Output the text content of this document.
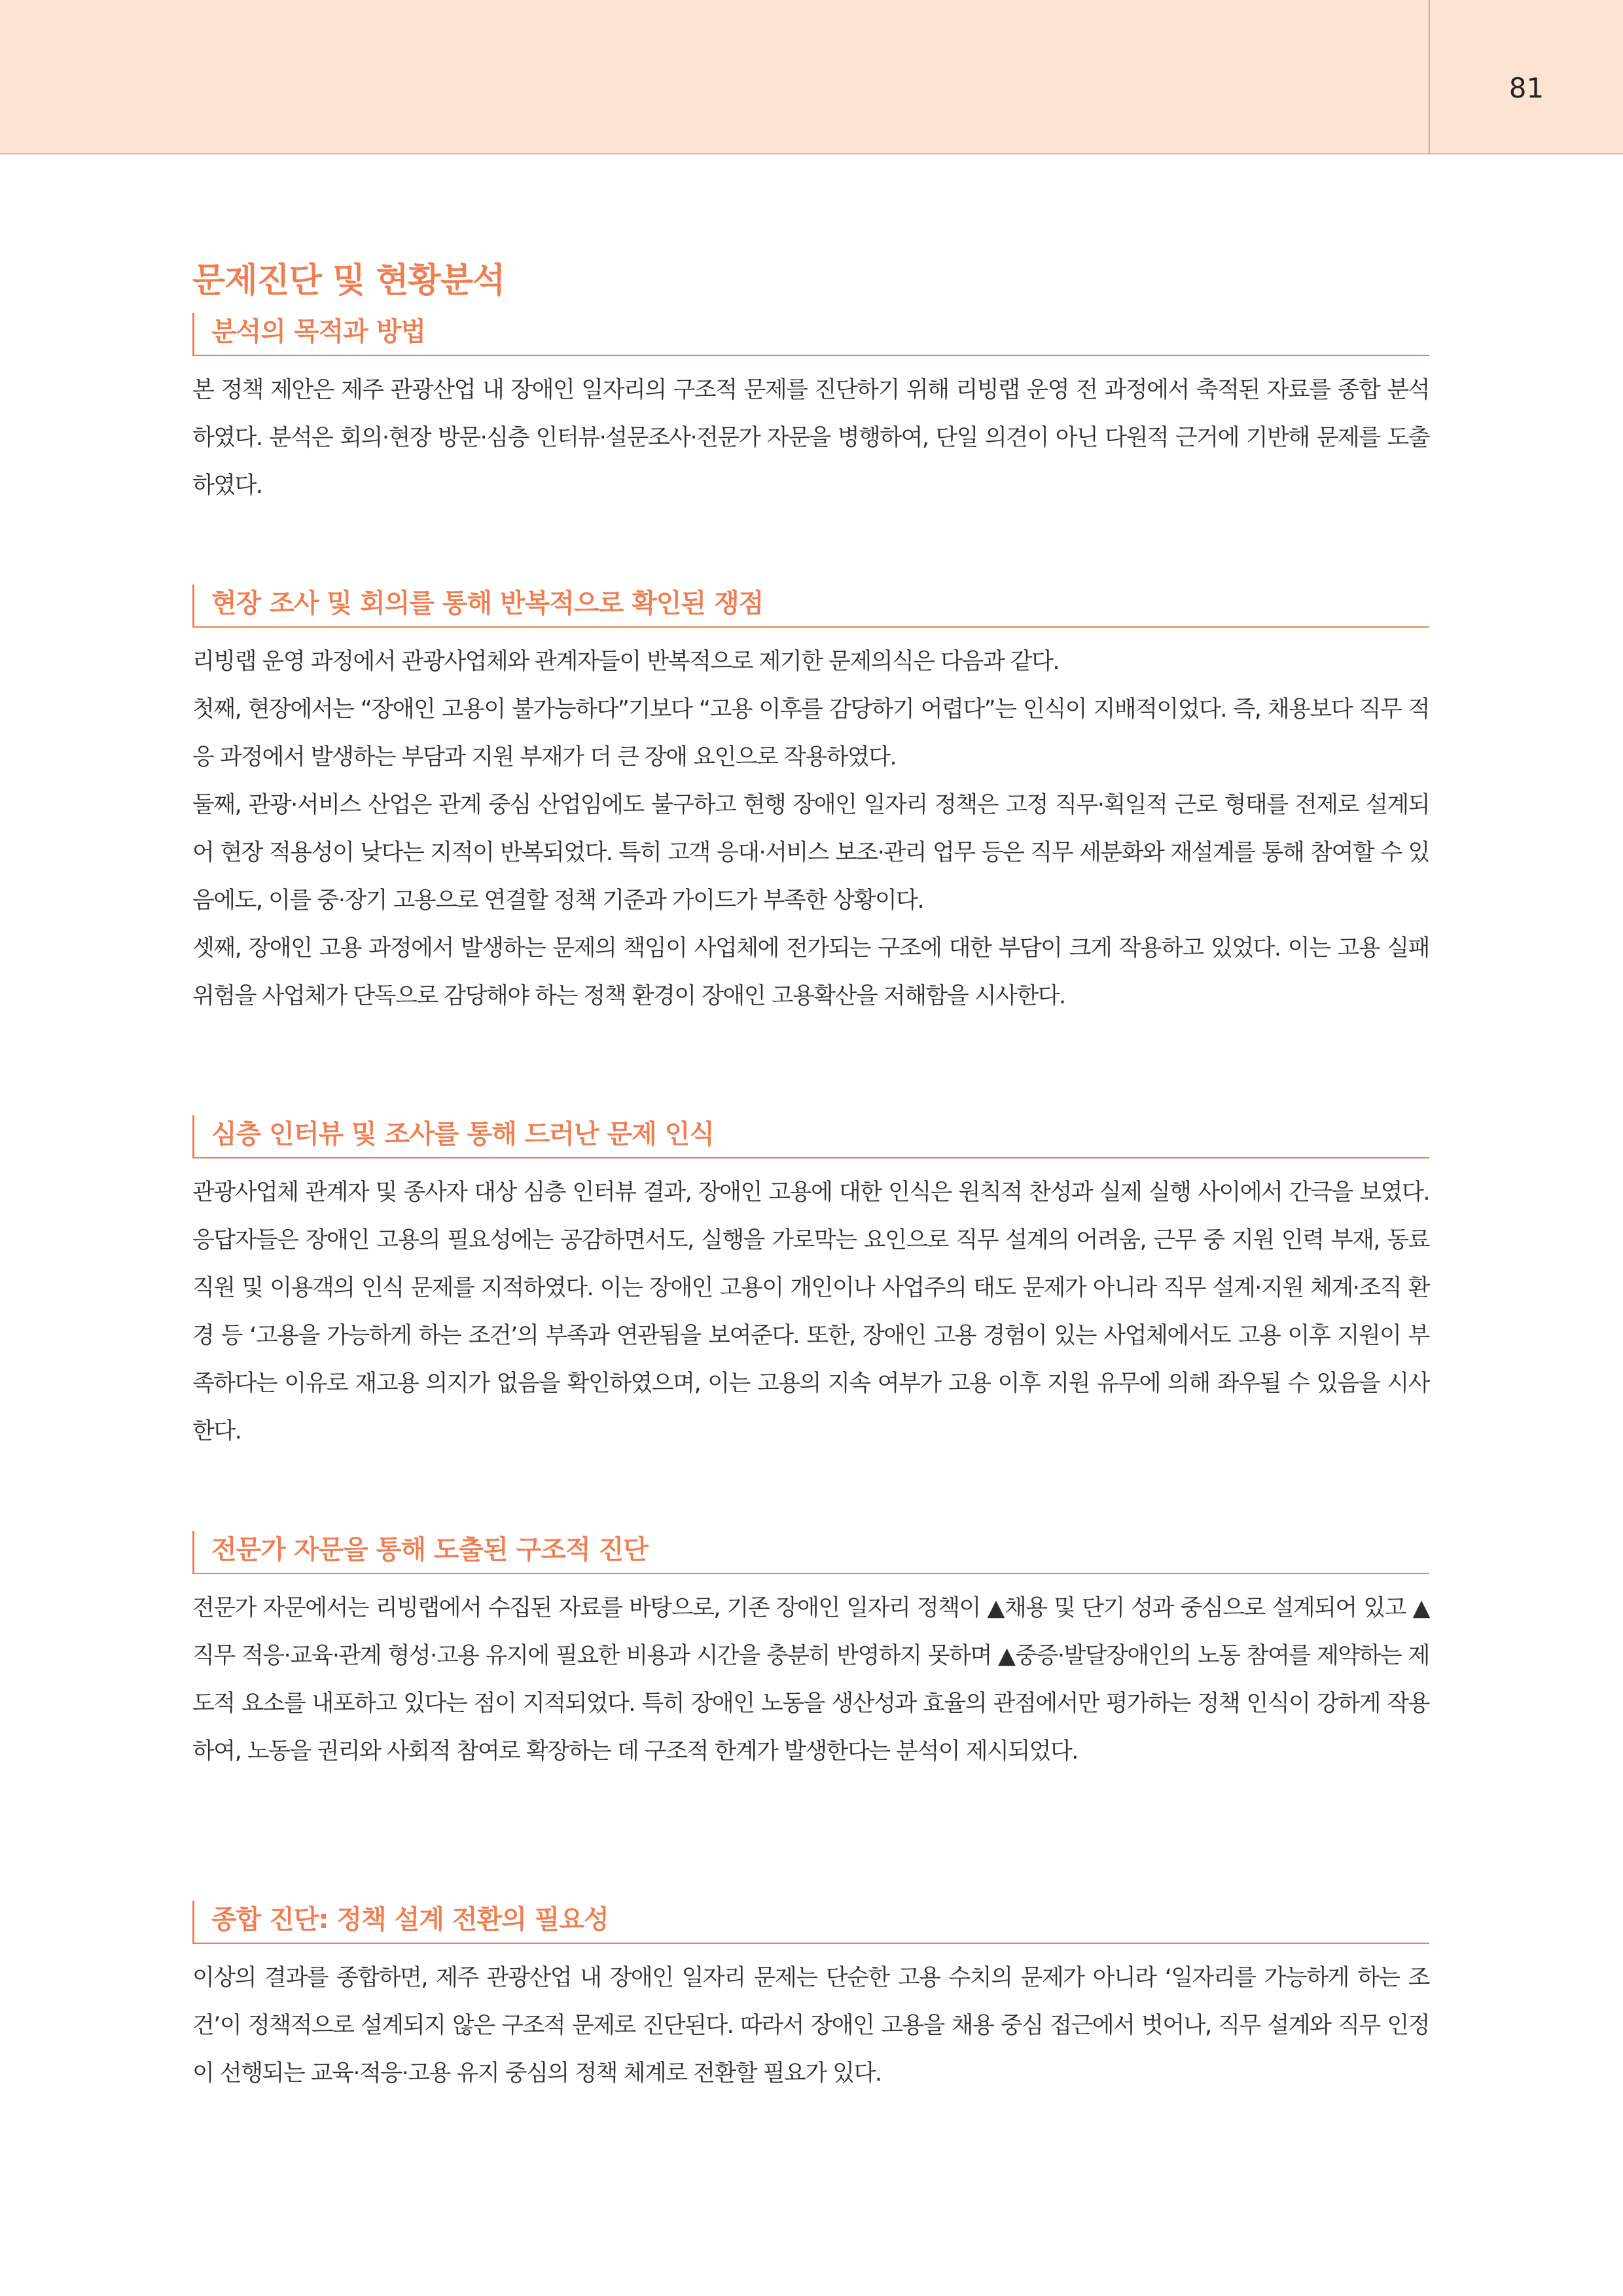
81
문제진단 및 현황분석
분석의 목적과 방법

본 정책 제안은 제주 관광산업 내 장애인 일자리의 구조적 문제를 진단하기 위해 리빙랩 운영 전 과정에서 축적된 자료를 종합 분석하였다. 분석은 회의·현장 방문·심층 인터뷰·설문조사·전문가 자문을 병행하여, 단일 의견이 아닌 다원적 근거에 기반해 문제를 도출하였다.

현장 조사 및 회의를 통해 반복적으로 확인된 쟁점

리빙랩 운영 과정에서 관광사업체와 관계자들이 반복적으로 제기한 문제의식은 다음과 같다.

첫째, 현장에서는 “장애인 고용이 불가능하다”기보다 “고용 이후를 감당하기 어렵다”는 인식이 지배적이었다. 즉, 채용보다 직무 적응 과정에서 발생하는 부담과 지원 부재가 더 큰 장애 요인으로 작용하였다.

둘째, 관광·서비스 산업은 관계 중심 산업임에도 불구하고 현행 장애인 일자리 정책은 고정 직무·획일적 근로 형태를 전제로 설계되어 현장 적용성이 낮다는 지적이 반복되었다. 특히 고객 응대·서비스 보조·관리 업무 등은 직무 세분화와 재설계를 통해 참여할 수 있음에도, 이를 중·장기 고용으로 연결할 정책 기준과 가이드가 부족한 상황이다.

셋째, 장애인 고용 과정에서 발생하는 문제의 책임이 사업체에 전가되는 구조에 대한 부담이 크게 작용하고 있었다. 이는 고용 실패 위험을 사업체가 단독으로 감당해야 하는 정책 환경이 장애인 고용확산을 저해함을 시사한다.

심층 인터뷰 및 조사를 통해 드러난 문제 인식

관광사업체 관계자 및 종사자 대상 심층 인터뷰 결과, 장애인 고용에 대한 인식은 원칙적 찬성과 실제 실행 사이에서 간극을 보였다. 응답자들은 장애인 고용의 필요성에는 공감하면서도, 실행을 가로막는 요인으로 직무 설계의 어려움, 근무 중 지원 인력 부재, 동료 직원 및 이용객의 인식 문제를 지적하였다. 이는 장애인 고용이 개인이나 사업주의 태도 문제가 아니라 직무 설계·지원 체계·조직 환경 등 ‘고용을 가능하게 하는 조건’의 부족과 연관됨을 보여준다. 또한, 장애인 고용 경험이 있는 사업체에서도 고용 이후 지원이 부족하다는 이유로 재고용 의지가 없음을 확인하였으며, 이는 고용의 지속 여부가 고용 이후 지원 유무에 의해 좌우될 수 있음을 시사한다.

전문가 자문을 통해 도출된 구조적 진단

전문가 자문에서는 리빙랩에서 수집된 자료를 바탕으로, 기존 장애인 일자리 정책이 ▲채용 및 단기 성과 중심으로 설계되어 있고 ▲직무 적응·교육·관계 형성·고용 유지에 필요한 비용과 시간을 충분히 반영하지 못하며 ▲중증·발달장애인의 노동 참여를 제약하는 제도적 요소를 내포하고 있다는 점이 지적되었다. 특히 장애인 노동을 생산성과 효율의 관점에서만 평가하는 정책 인식이 강하게 작용하여, 노동을 권리와 사회적 참여로 확장하는 데 구조적 한계가 발생한다는 분석이 제시되었다.

종합 진단: 정책 설계 전환의 필요성

이상의 결과를 종합하면, 제주 관광산업 내 장애인 일자리 문제는 단순한 고용 수치의 문제가 아니라 ‘일자리를 가능하게 하는 조건’이 정책적으로 설계되지 않은 구조적 문제로 진단된다. 따라서 장애인 고용을 채용 중심 접근에서 벗어나, 직무 설계와 직무 인정이 선행되는 교육·적응·고용 유지 중심의 정책 체계로 전환할 필요가 있다.
